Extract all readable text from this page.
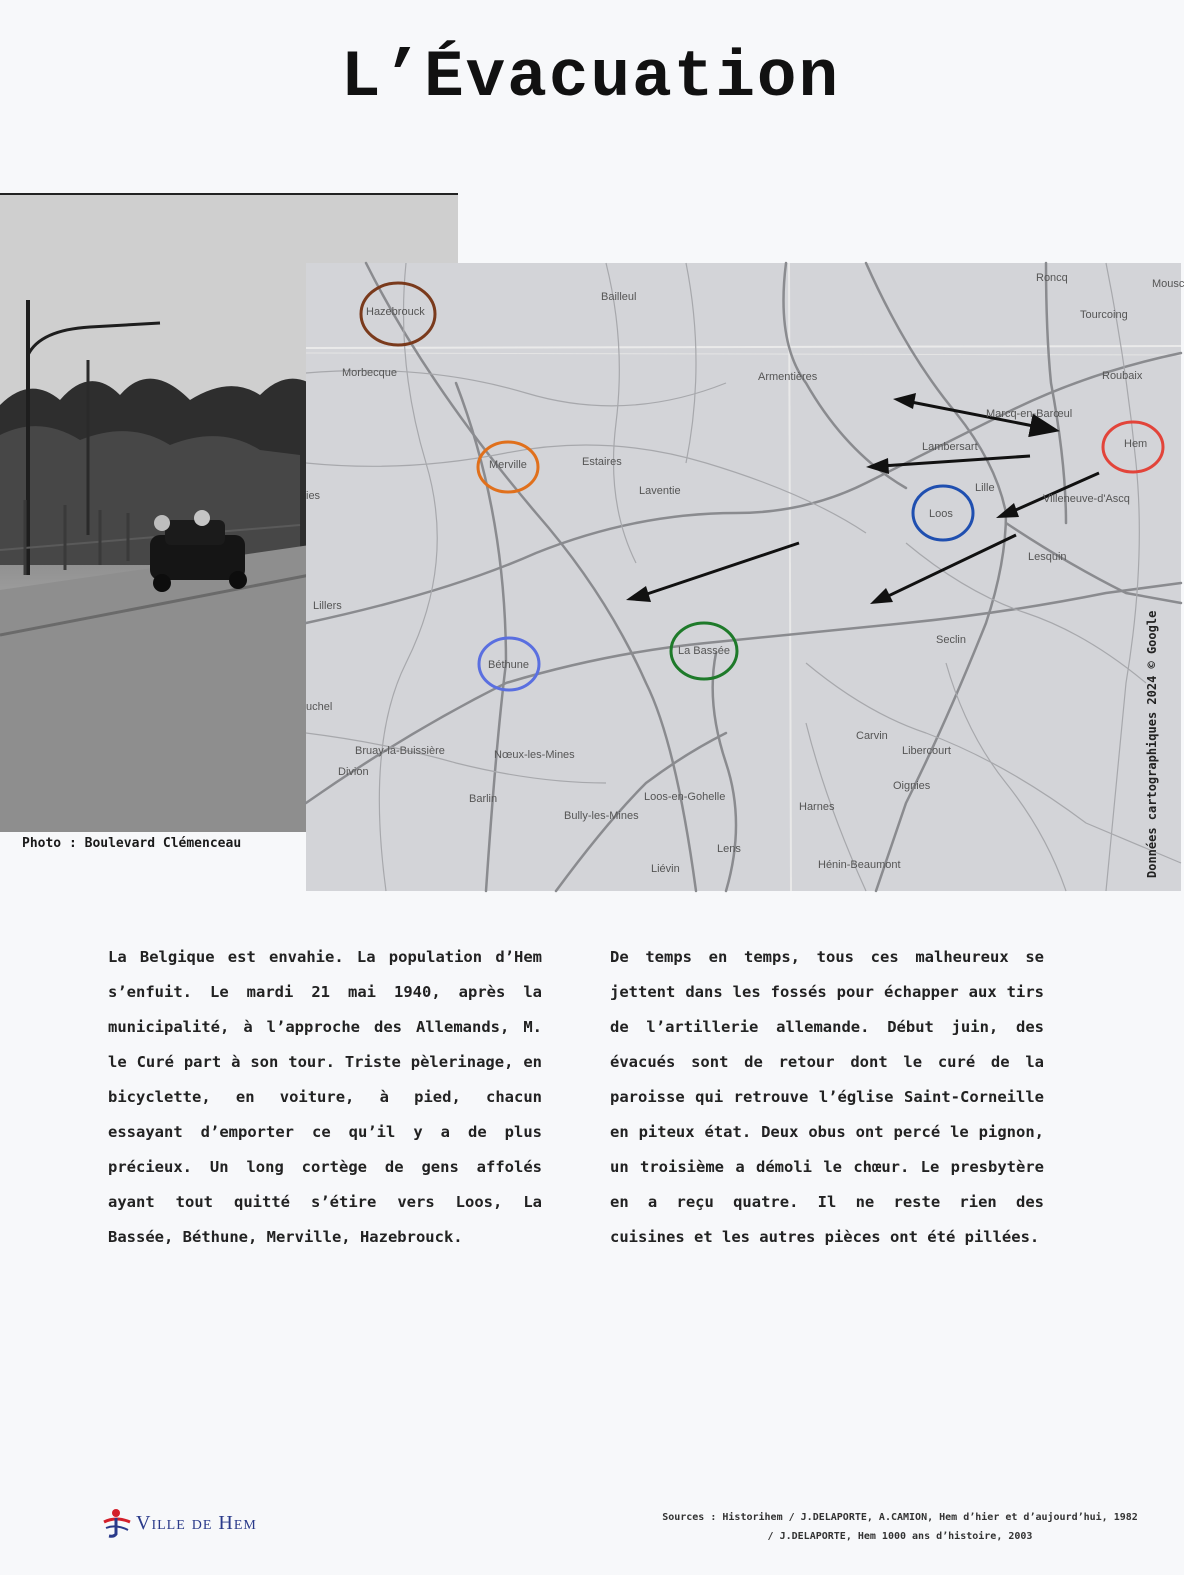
L’Évacuation
Photo : Boulevard Clémenceau
Hazebrouck
Merville
Béthune
La Bassée
Loos
Hem
Bailleul
Morbecque	Armentières
Estaires
Laventie
Lambersart
Marcq-en-Barœul
Lille
Villeneuve-d'Ascq
Lesquin
Tourcoing
Roubaix
Roncq	Mousc
Seclin
Carvin
Libercourt
Oignies
Harnes
Hénin-Beaumont
Lens
Liévin
Loos-en-Gohelle
Bully-les-Mines
Nœux-les-Mines
Barlin
Bruay-la-Buissière
Divion
Lillers
uchel
ies
Données cartographiques 2024 © Google
La Belgique est envahie. La population d’Hem s’enfuit. Le mardi 21 mai 1940, après la municipalité, à l’approche des Allemands, M. le Curé part à son tour. Triste pèlerinage, en bicyclette, en voiture, à pied, chacun essayant d’emporter ce qu’il y a de plus précieux. Un long cortège de gens affolés ayant tout quitté s’étire vers Loos, La Bassée, Béthune, Merville, Hazebrouck.
De temps en temps, tous ces malheureux se jettent dans les fossés pour échapper aux tirs de l’artillerie allemande. Début juin, des évacués sont de retour dont le curé de la paroisse qui retrouve l’église Saint-Corneille en piteux état. Deux obus ont percé le pignon, un troisième a démoli le chœur. Le presbytère en a reçu quatre. Il ne reste rien des cuisines et les autres pièces ont été pillées.
Ville de Hem	Sources : Historihem / J.DELAPORTE, A.CAMION, Hem d’hier et d’aujourd’hui, 1982
/ J.DELAPORTE, Hem 1000 ans d’histoire, 2003
